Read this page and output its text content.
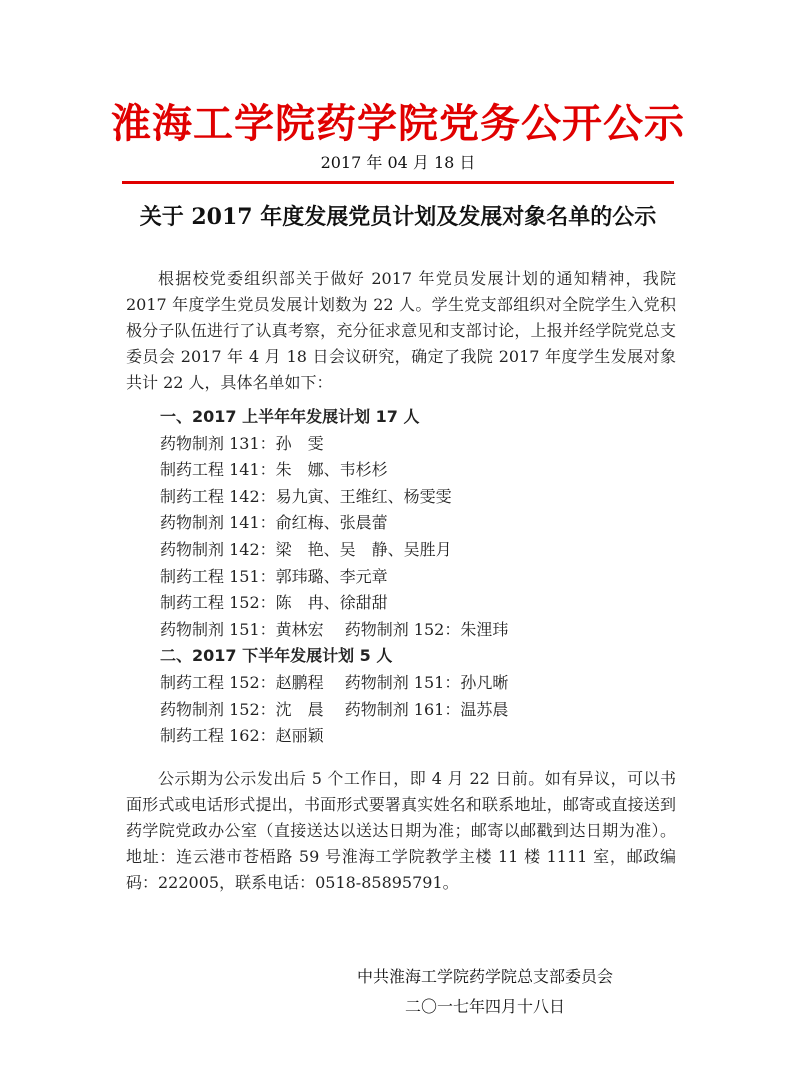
淮海工学院药学院党务公开公示
2017 年 04 月 18 日
关于 2017 年度发展党员计划及发展对象名单的公示

根据校党委组织部关于做好 2017 年党员发展计划的通知精神，我院 2017 年度学生党员发展计划数为 22 人。学生党支部组织对全院学生入党积极分子队伍进行了认真考察，充分征求意见和支部讨论，上报并经学院党总支委员会 2017 年 4 月 18 日会议研究，确定了我院 2017 年度学生发展对象共计 22 人，具体名单如下：

一、2017 上半年年发展计划 17 人
药物制剂 131：孙　雯
制药工程 141：朱　娜、韦杉杉
制药工程 142：易九寅、王维红、杨雯雯
药物制剂 141：俞红梅、张晨蕾
药物制剂 142：梁　艳、吴　静、吴胜月
制药工程 151：郭玮璐、李元章
制药工程 152：陈　冉、徐甜甜
药物制剂 151：黄林宏　 药物制剂 152：朱浬玮
二、2017 下半年发展计划 5 人
制药工程 152：赵鹏程　 药物制剂 151：孙凡晰
药物制剂 152：沈　晨　 药物制剂 161：温苏晨
制药工程 162：赵丽颖

公示期为公示发出后 5 个工作日，即 4 月 22 日前。如有异议，可以书面形式或电话形式提出，书面形式要署真实姓名和联系地址，邮寄或直接送到药学院党政办公室（直接送达以送达日期为准；邮寄以邮戳到达日期为准）。地址：连云港市苍梧路 59 号淮海工学院教学主楼 11 楼 1111 室，邮政编码：222005，联系电话：0518-85895791。

中共淮海工学院药学院总支部委员会
二〇一七年四月十八日
